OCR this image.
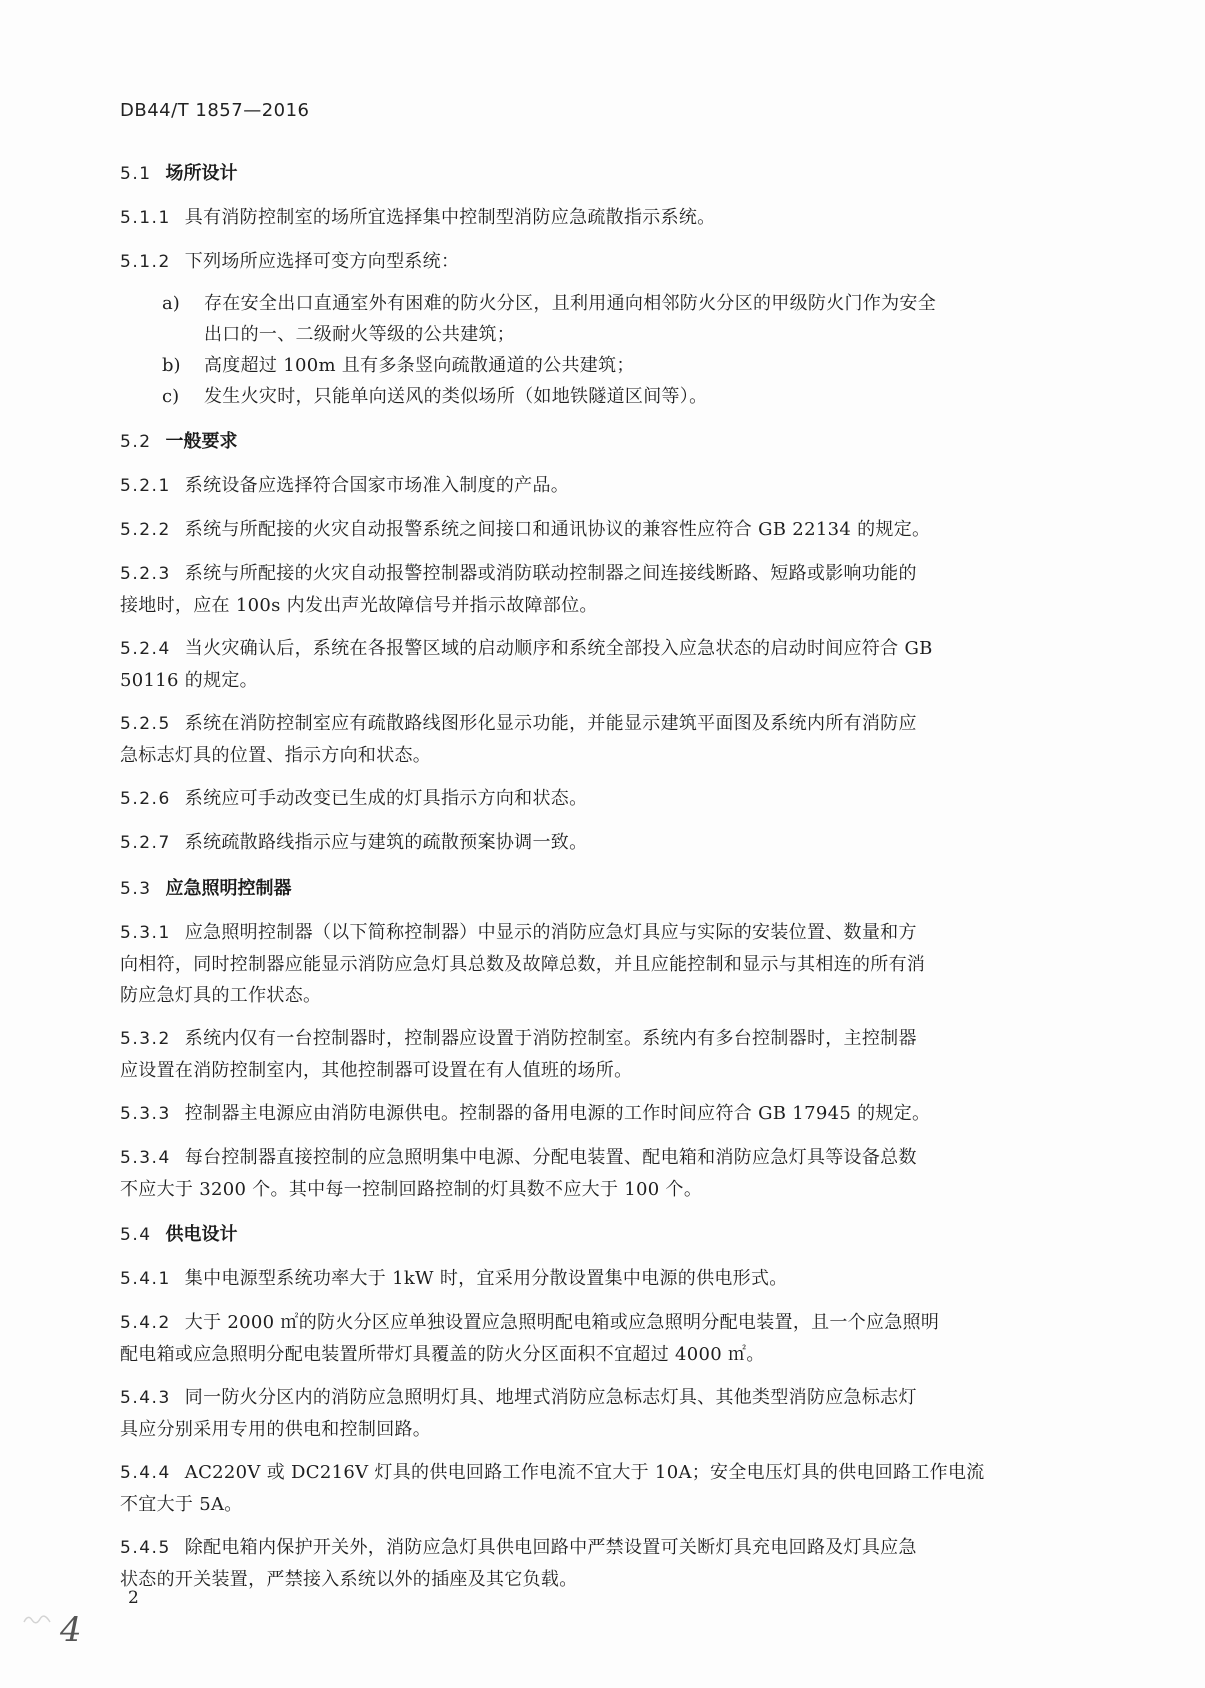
DB44/T 1857—2016
5.1 场所设计
5.1.1 具有消防控制室的场所宜选择集中控制型消防应急疏散指示系统。
5.1.2 下列场所应选择可变方向型系统：
a)	存在安全出口直通室外有困难的防火分区，且利用通向相邻防火分区的甲级防火门作为安全
出口的一、二级耐火等级的公共建筑；
b)	高度超过 100m 且有多条竖向疏散通道的公共建筑；
c)	发生火灾时，只能单向送风的类似场所（如地铁隧道区间等）。
5.2 一般要求
5.2.1 系统设备应选择符合国家市场准入制度的产品。
5.2.2 系统与所配接的火灾自动报警系统之间接口和通讯协议的兼容性应符合 GB 22134 的规定。
5.2.3 系统与所配接的火灾自动报警控制器或消防联动控制器之间连接线断路、短路或影响功能的
接地时，应在 100s 内发出声光故障信号并指示故障部位。
5.2.4 当火灾确认后，系统在各报警区域的启动顺序和系统全部投入应急状态的启动时间应符合 GB
50116 的规定。
5.2.5 系统在消防控制室应有疏散路线图形化显示功能，并能显示建筑平面图及系统内所有消防应
急标志灯具的位置、指示方向和状态。
5.2.6 系统应可手动改变已生成的灯具指示方向和状态。
5.2.7 系统疏散路线指示应与建筑的疏散预案协调一致。
5.3 应急照明控制器
5.3.1 应急照明控制器（以下简称控制器）中显示的消防应急灯具应与实际的安装位置、数量和方
向相符，同时控制器应能显示消防应急灯具总数及故障总数，并且应能控制和显示与其相连的所有消
防应急灯具的工作状态。
5.3.2 系统内仅有一台控制器时，控制器应设置于消防控制室。系统内有多台控制器时，主控制器
应设置在消防控制室内，其他控制器可设置在有人值班的场所。
5.3.3 控制器主电源应由消防电源供电。控制器的备用电源的工作时间应符合 GB 17945 的规定。
5.3.4 每台控制器直接控制的应急照明集中电源、分配电装置、配电箱和消防应急灯具等设备总数
不应大于 3200 个。其中每一控制回路控制的灯具数不应大于 100 个。
5.4 供电设计
5.4.1 集中电源型系统功率大于 1kW 时，宜采用分散设置集中电源的供电形式。
5.4.2 大于 2000 ㎡的防火分区应单独设置应急照明配电箱或应急照明分配电装置，且一个应急照明
配电箱或应急照明分配电装置所带灯具覆盖的防火分区面积不宜超过 4000 ㎡。
5.4.3 同一防火分区内的消防应急照明灯具、地埋式消防应急标志灯具、其他类型消防应急标志灯
具应分别采用专用的供电和控制回路。
5.4.4 AC220V 或 DC216V 灯具的供电回路工作电流不宜大于 10A；安全电压灯具的供电回路工作电流
不宜大于 5A。
5.4.5 除配电箱内保护开关外，消防应急灯具供电回路中严禁设置可关断灯具充电回路及灯具应急
状态的开关装置，严禁接入系统以外的插座及其它负载。
2
4
